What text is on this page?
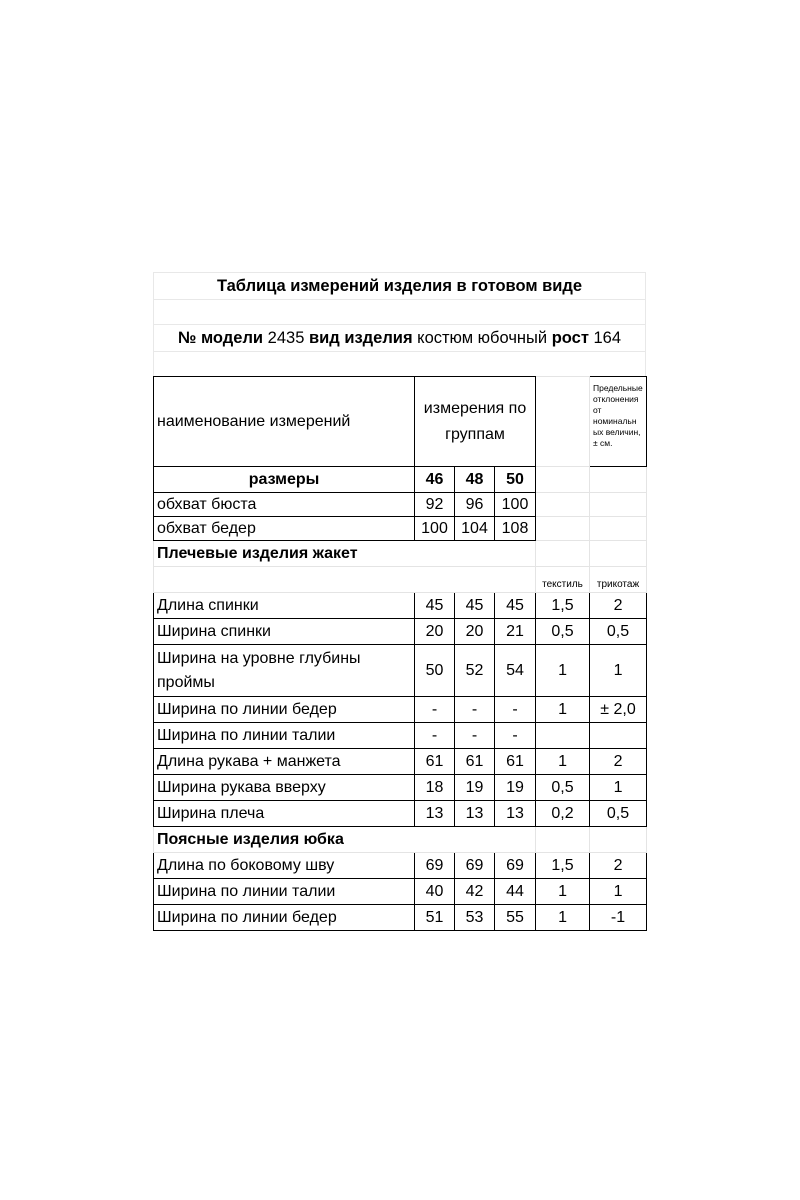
Таблица измерений изделия в готовом виде
№ модели 2435 вид изделия костюм юбочный рост 164
наименование измерений	измерения по группам				Предельные отклонения от номинальн ых величин, ± см.
размеры	46	48	50		
обхват бюста	92	96	100		
обхват бедер	100	104	108		
Плечевые изделия жакет					
				текстиль	трикотаж
Длина спинки	45	45	45	1,5	2
Ширина спинки	20	20	21	0,5	0,5
Ширина на уровне глубины проймы	50	52	54	1	1
Ширина по линии бедер	-	-	-	1	± 2,0
Ширина по линии талии	-	-	-		
Длина рукава + манжета	61	61	61	1	2
Ширина рукава вверху	18	19	19	0,5	1
Ширина плеча	13	13	13	0,2	0,5
Поясные изделия юбка					
Длина по боковому шву	69	69	69	1,5	2
Ширина по линии талии	40	42	44	1	1
Ширина по линии бедер	51	53	55	1	-1
